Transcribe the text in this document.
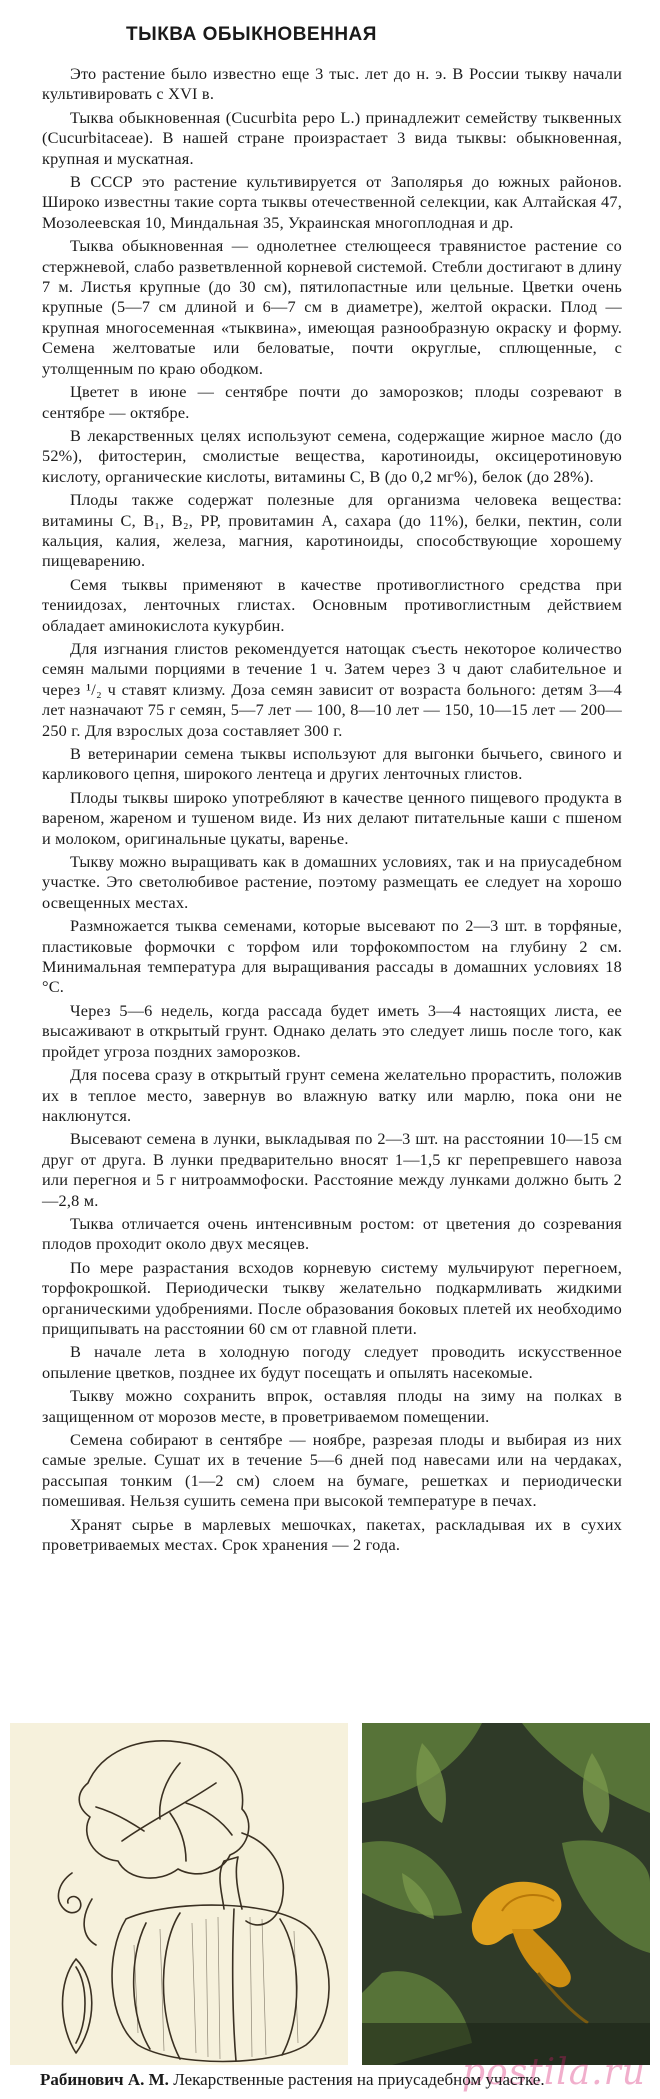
ТЫКВА ОБЫКНОВЕННАЯ

Это растение было известно еще 3 тыс. лет до н. э. В России тыкву начали культивировать с XVI в.

Тыква обыкновенная (Cucurbita pepo L.) принадлежит семейству тыквенных (Cucurbitaceae). В нашей стране произрастает 3 вида тыквы: обыкновенная, крупная и мускатная.

В СССР это растение культивируется от Заполярья до южных районов. Широко известны такие сорта тыквы отечественной селекции, как Алтайская 47, Мозолеевская 10, Миндальная 35, Украинская многоплодная и др.

Тыква обыкновенная — однолетнее стелющееся травянистое растение со стержневой, слабо разветвленной корневой системой. Стебли достигают в длину 7 м. Листья крупные (до 30 см), пятилопастные или цельные. Цветки очень крупные (5—7 см длиной и 6—7 см в диаметре), желтой окраски. Плод — крупная многосеменная «тыквина», имеющая разнообразную окраску и форму. Семена желтоватые или беловатые, почти округлые, сплющенные, с утолщенным по краю ободком.

Цветет в июне — сентябре почти до заморозков; плоды созревают в сентябре — октябре.

В лекарственных целях используют семена, содержащие жирное масло (до 52%), фитостерин, смолистые вещества, каротиноиды, оксицеротиновую кислоту, органические кислоты, витамины С, В (до 0,2 мг%), белок (до 28%).

Плоды также содержат полезные для организма человека вещества: витамины С, В₁, В₂, РР, провитамин А, сахара (до 11%), белки, пектин, соли кальция, калия, железа, магния, каротиноиды, способствующие хорошему пищеварению.

Семя тыквы применяют в качестве противоглистного средства при тениидозах, ленточных глистах. Основным противоглистным действием обладает аминокислота кукурбин.

Для изгнания глистов рекомендуется натощак съесть некоторое количество семян малыми порциями в течение 1 ч. Затем через 3 ч дают слабительное и через ¹/₂ ч ставят клизму. Доза семян зависит от возраста больного: детям 3—4 лет назначают 75 г семян, 5—7 лет — 100, 8—10 лет — 150, 10—15 лет — 200—250 г. Для взрослых доза составляет 300 г.

В ветеринарии семена тыквы используют для выгонки бычьего, свиного и карликового цепня, широкого лентеца и других ленточных глистов.

Плоды тыквы широко употребляют в качестве ценного пищевого продукта в вареном, жареном и тушеном виде. Из них делают питательные каши с пшеном и молоком, оригинальные цукаты, варенье.

Тыкву можно выращивать как в домашних условиях, так и на приусадебном участке. Это светолюбивое растение, поэтому размещать ее следует на хорошо освещенных местах.

Размножается тыква семенами, которые высевают по 2—3 шт. в торфяные, пластиковые формочки с торфом или торфокомпостом на глубину 2 см. Минимальная температура для выращивания рассады в домашних условиях 18 °С.

Через 5—6 недель, когда рассада будет иметь 3—4 настоящих листа, ее высаживают в открытый грунт. Однако делать это следует лишь после того, как пройдет угроза поздних заморозков.

Для посева сразу в открытый грунт семена желательно прорастить, положив их в теплое место, завернув во влажную ватку или марлю, пока они не наклюнутся.

Высевают семена в лунки, выкладывая по 2—3 шт. на расстоянии 10—15 см друг от друга. В лунки предварительно вносят 1—1,5 кг перепревшего навоза или перегноя и 5 г нитроаммофоски. Расстояние между лунками должно быть 2—2,8 м.

Тыква отличается очень интенсивным ростом: от цветения до созревания плодов проходит около двух месяцев.

По мере разрастания всходов корневую систему мульчируют перегноем, торфокрошкой. Периодически тыкву желательно подкармливать жидкими органическими удобрениями. После образования боковых плетей их необходимо прищипывать на расстоянии 60 см от главной плети.

В начале лета в холодную погоду следует проводить искусственное опыление цветков, позднее их будут посещать и опылять насекомые.

Тыкву можно сохранить впрок, оставляя плоды на зиму на полках в защищенном от морозов месте, в проветриваемом помещении.

Семена собирают в сентябре — ноябре, разрезая плоды и выбирая из них самые зрелые. Сушат их в течение 5—6 дней под навесами или на чердаках, рассыпая тонким (1—2 см) слоем на бумаге, решетках и периодически помешивая. Нельзя сушить семена при высокой температуре в печах.

Хранят сырье в марлевых мешочках, пакетах, раскладывая их в сухих проветриваемых местах. Срок хранения — 2 года.

postila.ru

Рабинович А. М. Лекарственные растения на приусадебном участке.
